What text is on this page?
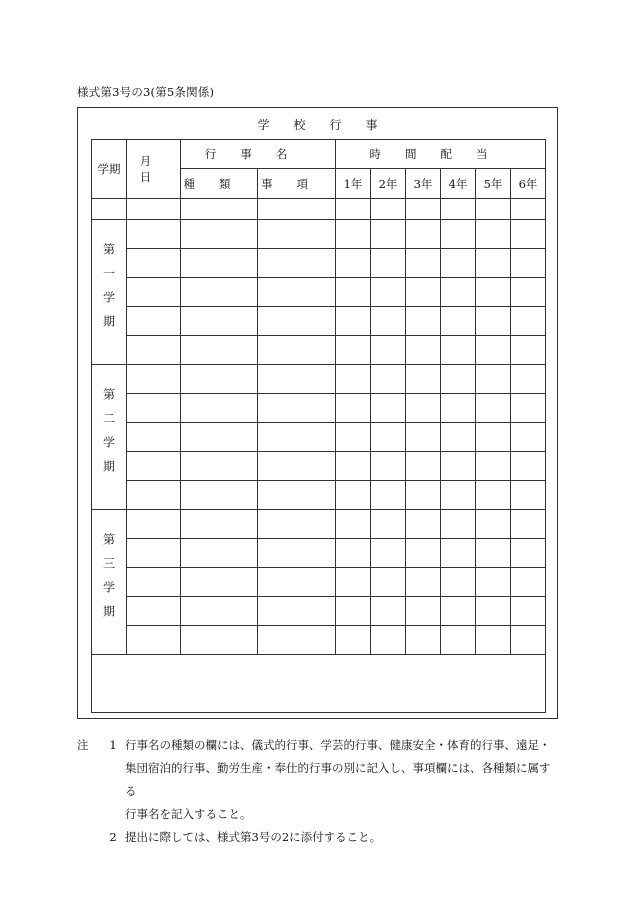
様式第3号の3(第5条関係)
学校行事
学期	月日	行事名		時間配当					
		種類	事項	1年	2年	3年	4年	5年	6年

第一学期									

第二学期									

第三学期									

注	1 行事名の種類の欄には、儀式的行事、学芸的行事、健康安全・体育的行事、遠足・
集団宿泊的行事、勤労生産・奉仕的行事の別に記入し、事項欄には、各種類に属する
行事名を記入すること。
2 提出に際しては、様式第3号の2に添付すること。
